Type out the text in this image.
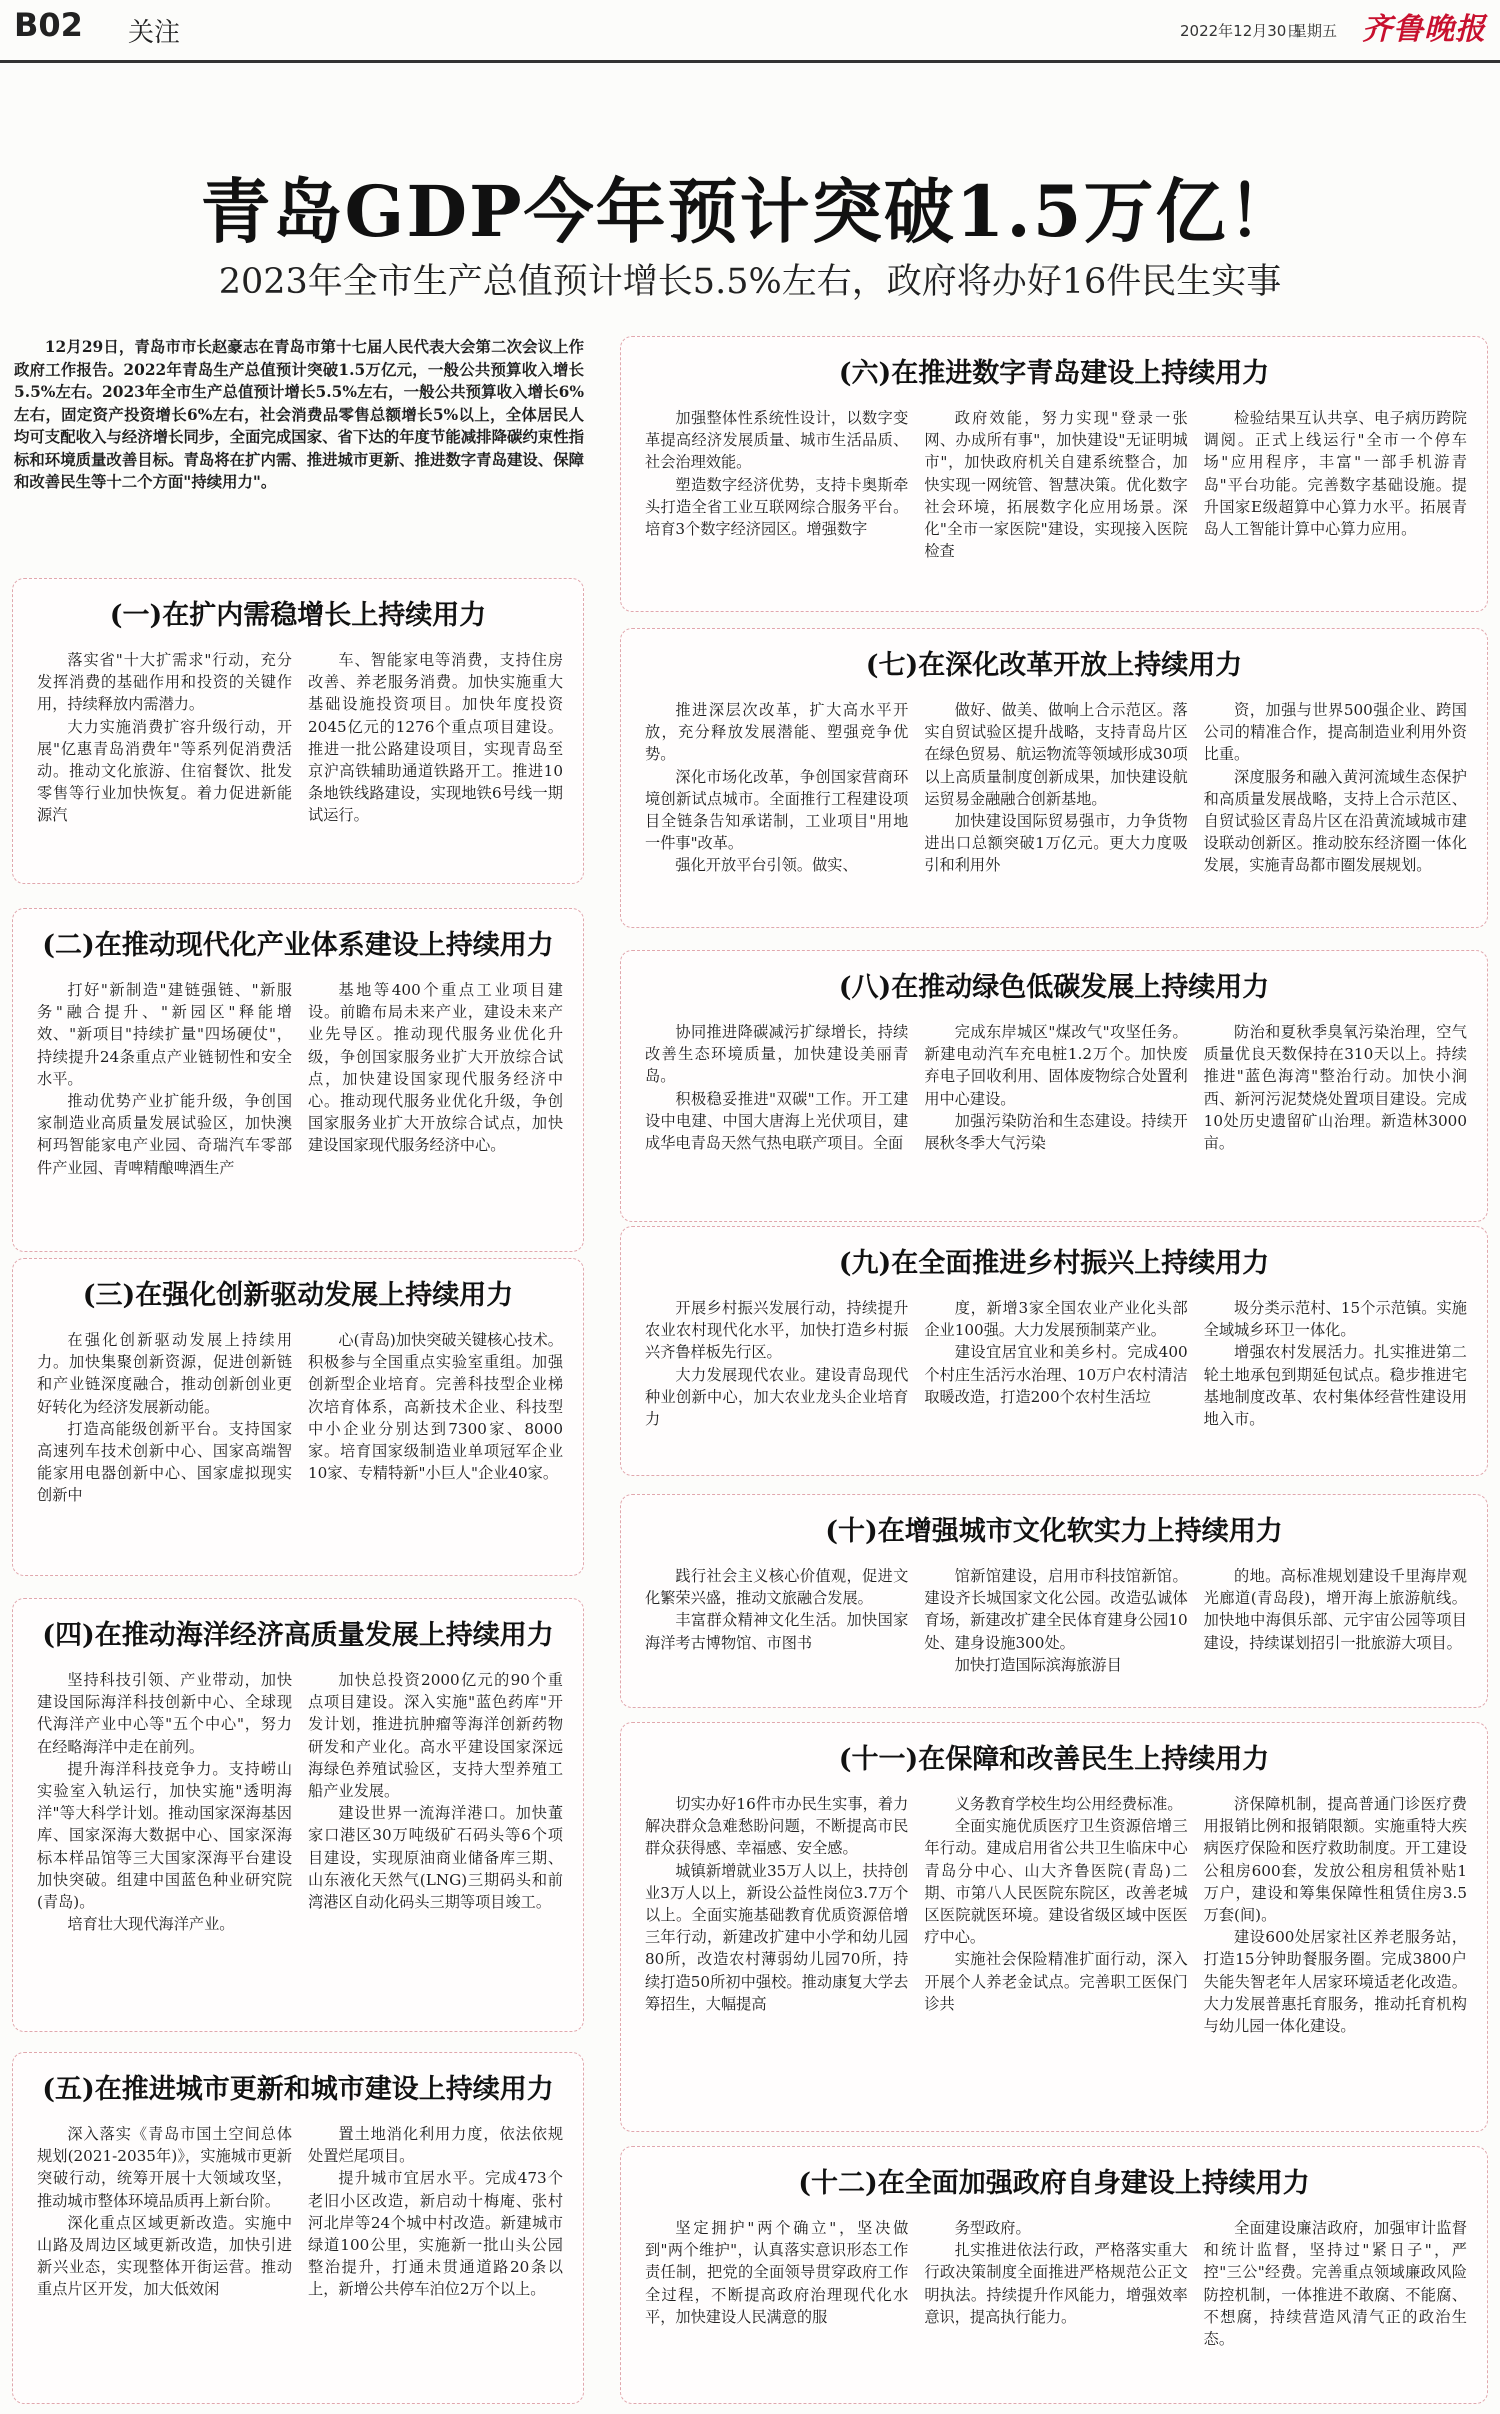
B02 关注	2022年12月30日
星期五 齐鲁晚报
青岛GDP今年预计突破1.5万亿！
2023年全市生产总值预计增长5.5%左右，政府将办好16件民生实事

12月29日，青岛市市长赵豪志在青岛市第十七届人民代表大会第二次会议上作政府工作报告。2022年青岛生产总值预计突破1.5万亿元，一般公共预算收入增长5.5%左右。2023年全市生产总值预计增长5.5%左右，一般公共预算收入增长6%左右，固定资产投资增长6%左右，社会消费品零售总额增长5%以上，全体居民人均可支配收入与经济增长同步，全面完成国家、省下达的年度节能减排降碳约束性指标和环境质量改善目标。青岛将在扩内需、推进城市更新、推进数字青岛建设、保障和改善民生等十二个方面"持续用力"。

(一)在扩内需稳增长上持续用力

落实省"十大扩需求"行动，充分发挥消费的基础作用和投资的关键作用，持续释放内需潜力。

大力实施消费扩容升级行动，开展"亿惠青岛消费年"等系列促消费活动。推动文化旅游、住宿餐饮、批发零售等行业加快恢复。着力促进新能源汽

车、智能家电等消费，支持住房改善、养老服务消费。加快实施重大基础设施投资项目。加快年度投资2045亿元的1276个重点项目建设。推进一批公路建设项目，实现青岛至京沪高铁辅助通道铁路开工。推进10条地铁线路建设，实现地铁6号线一期试运行。

(二)在推动现代化产业体系建设上持续用力

打好"新制造"建链强链、"新服务"融合提升、"新园区"释能增效、"新项目"持续扩量"四场硬仗"，持续提升24条重点产业链韧性和安全水平。

推动优势产业扩能升级，争创国家制造业高质量发展试验区，加快澳柯玛智能家电产业园、奇瑞汽车零部件产业园、青啤精酿啤酒生产

基地等400个重点工业项目建设。前瞻布局未来产业，建设未来产业先导区。推动现代服务业优化升级，争创国家服务业扩大开放综合试点，加快建设国家现代服务经济中心。推动现代服务业优化升级，争创国家服务业扩大开放综合试点，加快建设国家现代服务经济中心。

(三)在强化创新驱动发展上持续用力

在强化创新驱动发展上持续用力。加快集聚创新资源，促进创新链和产业链深度融合，推动创新创业更好转化为经济发展新动能。

打造高能级创新平台。支持国家高速列车技术创新中心、国家高端智能家用电器创新中心、国家虚拟现实创新中

心(青岛)加快突破关键核心技术。积极参与全国重点实验室重组。加强创新型企业培育。完善科技型企业梯次培育体系，高新技术企业、科技型中小企业分别达到7300家、8000家。培育国家级制造业单项冠军企业10家、专精特新"小巨人"企业40家。

(四)在推动海洋经济高质量发展上持续用力

坚持科技引领、产业带动，加快建设国际海洋科技创新中心、全球现代海洋产业中心等"五个中心"，努力在经略海洋中走在前列。

提升海洋科技竞争力。支持崂山实验室入轨运行，加快实施"透明海洋"等大科学计划。推动国家深海基因库、国家深海大数据中心、国家深海标本样品馆等三大国家深海平台建设加快突破。组建中国蓝色种业研究院(青岛)。

培育壮大现代海洋产业。

加快总投资2000亿元的90个重点项目建设。深入实施"蓝色药库"开发计划，推进抗肿瘤等海洋创新药物研发和产业化。高水平建设国家深远海绿色养殖试验区，支持大型养殖工船产业发展。

建设世界一流海洋港口。加快董家口港区30万吨级矿石码头等6个项目建设，实现原油商业储备库三期、山东液化天然气(LNG)三期码头和前湾港区自动化码头三期等项目竣工。

(五)在推进城市更新和城市建设上持续用力

深入落实《青岛市国土空间总体规划(2021-2035年)》，实施城市更新突破行动，统筹开展十大领域攻坚，推动城市整体环境品质再上新台阶。

深化重点区域更新改造。实施中山路及周边区域更新改造，加快引进新兴业态，实现整体开街运营。推动重点片区开发，加大低效闲

置土地消化利用力度，依法依规处置烂尾项目。

提升城市宜居水平。完成473个老旧小区改造，新启动十梅庵、张村河北岸等24个城中村改造。新建城市绿道100公里，实施新一批山头公园整治提升，打通未贯通道路20条以上，新增公共停车泊位2万个以上。

(六)在推进数字青岛建设上持续用力

加强整体性系统性设计，以数字变革提高经济发展质量、城市生活品质、社会治理效能。

塑造数字经济优势，支持卡奥斯牵头打造全省工业互联网综合服务平台。培育3个数字经济园区。增强数字

政府效能，努力实现"登录一张网、办成所有事"，加快建设"无证明城市"，加快政府机关自建系统整合，加快实现一网统管、智慧决策。优化数字社会环境，拓展数字化应用场景。深化"全市一家医院"建设，实现接入医院检查

检验结果互认共享、电子病历跨院调阅。正式上线运行"全市一个停车场"应用程序，丰富"一部手机游青岛"平台功能。完善数字基础设施。提升国家E级超算中心算力水平。拓展青岛人工智能计算中心算力应用。

(七)在深化改革开放上持续用力

推进深层次改革，扩大高水平开放，充分释放发展潜能、塑强竞争优势。

深化市场化改革，争创国家营商环境创新试点城市。全面推行工程建设项目全链条告知承诺制，工业项目"用地一件事"改革。

强化开放平台引领。做实、

做好、做美、做响上合示范区。落实自贸试验区提升战略，支持青岛片区在绿色贸易、航运物流等领域形成30项以上高质量制度创新成果，加快建设航运贸易金融融合创新基地。

加快建设国际贸易强市，力争货物进出口总额突破1万亿元。更大力度吸引和利用外

资，加强与世界500强企业、跨国公司的精准合作，提高制造业利用外资比重。

深度服务和融入黄河流域生态保护和高质量发展战略，支持上合示范区、自贸试验区青岛片区在沿黄流域城市建设联动创新区。推动胶东经济圈一体化发展，实施青岛都市圈发展规划。

(八)在推动绿色低碳发展上持续用力

协同推进降碳减污扩绿增长，持续改善生态环境质量，加快建设美丽青岛。

积极稳妥推进"双碳"工作。开工建设中电建、中国大唐海上光伏项目，建成华电青岛天然气热电联产项目。全面

完成东岸城区"煤改气"攻坚任务。新建电动汽车充电桩1.2万个。加快废弃电子回收利用、固体废物综合处置利用中心建设。

加强污染防治和生态建设。持续开展秋冬季大气污染

防治和夏秋季臭氧污染治理，空气质量优良天数保持在310天以上。持续推进"蓝色海湾"整治行动。加快小涧西、新河污泥焚烧处置项目建设。完成10处历史遗留矿山治理。新造林3000亩。

(九)在全面推进乡村振兴上持续用力

开展乡村振兴发展行动，持续提升农业农村现代化水平，加快打造乡村振兴齐鲁样板先行区。

大力发展现代农业。建设青岛现代种业创新中心，加大农业龙头企业培育力

度，新增3家全国农业产业化头部企业100强。大力发展预制菜产业。

建设宜居宜业和美乡村。完成400个村庄生活污水治理、10万户农村清洁取暖改造，打造200个农村生活垃

圾分类示范村、15个示范镇。实施全域城乡环卫一体化。

增强农村发展活力。扎实推进第二轮土地承包到期延包试点。稳步推进宅基地制度改革、农村集体经营性建设用地入市。

(十)在增强城市文化软实力上持续用力

践行社会主义核心价值观，促进文化繁荣兴盛，推动文旅融合发展。

丰富群众精神文化生活。加快国家海洋考古博物馆、市图书

馆新馆建设，启用市科技馆新馆。建设齐长城国家文化公园。改造弘诚体育场，新建改扩建全民体育建身公园10处、建身设施300处。

加快打造国际滨海旅游目

的地。高标准规划建设千里海岸观光廊道(青岛段)，增开海上旅游航线。加快地中海俱乐部、元宇宙公园等项目建设，持续谋划招引一批旅游大项目。

(十一)在保障和改善民生上持续用力

切实办好16件市办民生实事，着力解决群众急难愁盼问题，不断提高市民群众获得感、幸福感、安全感。

城镇新增就业35万人以上，扶持创业3万人以上，新设公益性岗位3.7万个以上。全面实施基础教育优质资源倍增三年行动，新建改扩建中小学和幼儿园80所，改造农村薄弱幼儿园70所，持续打造50所初中强校。推动康复大学去筹招生，大幅提高

义务教育学校生均公用经费标准。

全面实施优质医疗卫生资源倍增三年行动。建成启用省公共卫生临床中心青岛分中心、山大齐鲁医院(青岛)二期、市第八人民医院东院区，改善老城区医院就医环境。建设省级区域中医医疗中心。

实施社会保险精准扩面行动，深入开展个人养老金试点。完善职工医保门诊共

济保障机制，提高普通门诊医疗费用报销比例和报销限额。实施重特大疾病医疗保险和医疗救助制度。开工建设公租房600套，发放公租房租赁补贴1万户，建设和筹集保障性租赁住房3.5万套(间)。

建设600处居家社区养老服务站，打造15分钟助餐服务圈。完成3800户失能失智老年人居家环境适老化改造。大力发展普惠托育服务，推动托育机构与幼儿园一体化建设。

(十二)在全面加强政府自身建设上持续用力

坚定拥护"两个确立"，坚决做到"两个维护"，认真落实意识形态工作责任制，把党的全面领导贯穿政府工作全过程，不断提高政府治理现代化水平，加快建设人民满意的服

务型政府。

扎实推进依法行政，严格落实重大行政决策制度全面推进严格规范公正文明执法。持续提升作风能力，增强效率意识，提高执行能力。

全面建设廉洁政府，加强审计监督和统计监督，坚持过"紧日子"，严控"三公"经费。完善重点领域廉政风险防控机制，一体推进不敢腐、不能腐、不想腐，持续营造风清气正的政治生态。
